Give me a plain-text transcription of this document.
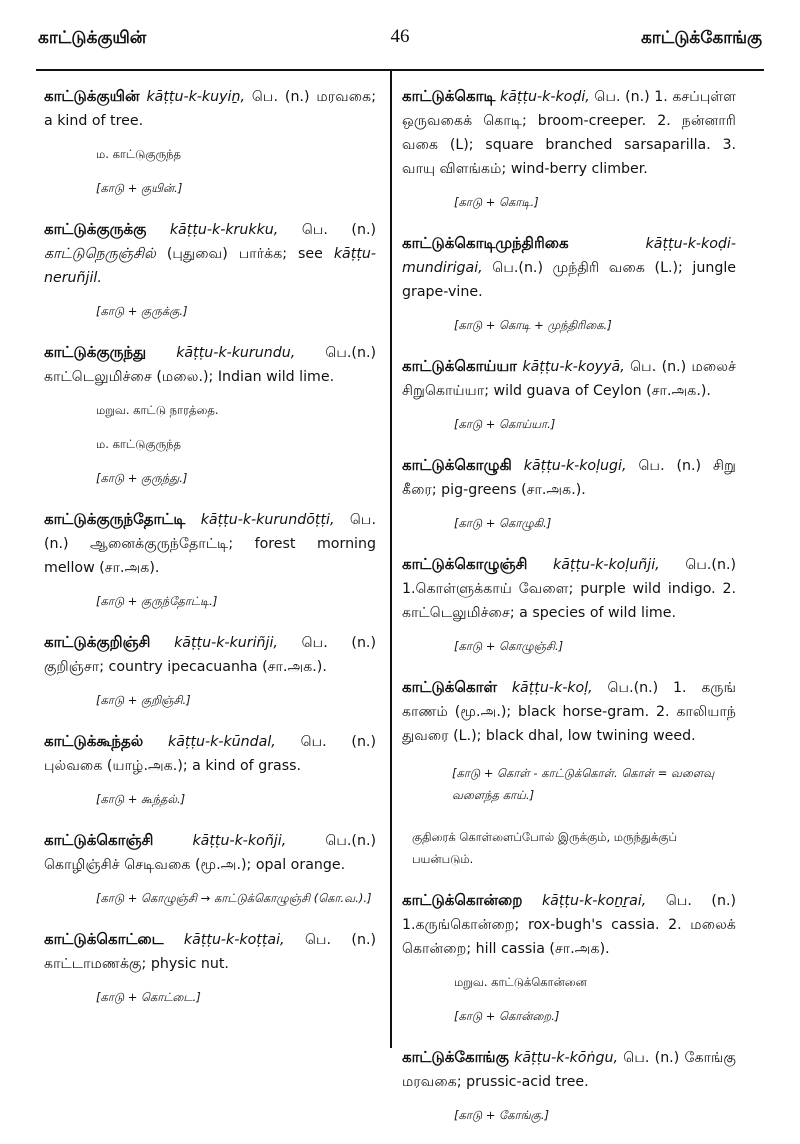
காட்டுக்குயின்	46	காட்டுக்கோங்கு
காட்டுக்குயின் kāṭṭu-k-kuyiṉ, பெ. (n.) மரவகை; a kind of tree.
ம. காட்டுகுருந்த
[காடு + குயின்.]
காட்டுக்குருக்கு kāṭṭu-k-krukku, பெ. (n.) காட்டுநெருஞ்சில் (புதுவை) பார்க்க; see kāṭṭu-neruñjil.
[காடு + குருக்கு.]
காட்டுக்குருந்து kāṭṭu-k-kurundu, பெ.(n.) காட்டெலுமிச்சை (மலை.); Indian wild lime.
மறுவ. காட்டு நாரத்தை.
ம. காட்டுகுருந்த
[காடு + குருந்து.]
காட்டுக்குருந்தோட்டி kāṭṭu-k-kurundōṭṭi, பெ.(n.) ஆனைக்குருந்தோட்டி; forest morning mellow (சா.அக).
[காடு + குருந்தோட்டி.]
காட்டுக்குறிஞ்சி kāṭṭu-k-kuriñji, பெ. (n.) குறிஞ்சா; country ipecacuanha (சா.அக.).
[காடு + குறிஞ்சி.]
காட்டுக்கூந்தல் kāṭṭu-k-kūndal, பெ. (n.) புல்வகை (யாழ்.அக.); a kind of grass.
[காடு + கூந்தல்.]
காட்டுக்கொஞ்சி	kāṭṭu-k-koñji,	பெ.(n.) கொழிஞ்சிச் செடிவகை (மூ.அ.); opal orange.
[காடு + கொழுஞ்சி → காட்டுக்கொழுஞ்சி (கொ.வ.).]
காட்டுக்கொட்டை kāṭṭu-k-koṭṭai, பெ. (n.) காட்டாமணக்கு; physic nut.
[காடு + கொட்டை.]
காட்டுக்கொடி kāṭṭu-k-koḍi, பெ. (n.) 1. கசப்புள்ள ஒருவகைக் கொடி; broom-creeper. 2. நன்னாரி வகை (L); square branched sarsaparilla. 3. வாயு விளங்கம்; wind-berry climber.
[காடு + கொடி.]
காட்டுக்கொடிமுந்திரிகை	kāṭṭu-k-koḍi-mundirigai, பெ.(n.) முந்திரி வகை (L.); jungle grape-vine.
[காடு + கொடி + முந்திரிகை.]
காட்டுக்கொய்யா kāṭṭu-k-koyyā, பெ. (n.) மலைச் சிறுகொய்யா; wild guava of Ceylon (சா.அக.).
[காடு + கொய்யா.]
காட்டுக்கொழுகி kāṭṭu-k-koḷugi, பெ. (n.) சிறு கீரை; pig-greens (சா.அக.).
[காடு + கொழுகி.]
காட்டுக்கொழுஞ்சி kāṭṭu-k-koḷuñji, பெ.(n.) 1.கொள்ளுக்காய் வேளை; purple wild indigo. 2. காட்டெலுமிச்சை; a species of wild lime.
[காடு + கொழுஞ்சி.]
காட்டுக்கொள் kāṭṭu-k-koḷ, பெ.(n.) 1. கருங் காணம் (மூ.அ.); black horse-gram. 2. காலியாந் துவரை (L.); black dhal, low twining weed.
[காடு + கொள் - காட்டுக்கொள். கொள் = வளைவு வளைந்த காய்.]
குதிரைக் கொள்ளைப்போல் இருக்கும், மருந்துக்குப் பயன்படும்.
காட்டுக்கொன்றை kāṭṭu-k-koṉṟai, பெ. (n.) 1.கருங்கொன்றை; rox-bugh's cassia. 2. மலைக் கொன்றை; hill cassia (சா.அக).
மறுவ. காட்டுக்கொன்னை
[காடு + கொன்றை.]
காட்டுக்கோங்கு kāṭṭu-k-kōṅgu, பெ. (n.) கோங்கு மரவகை; prussic-acid tree.
[காடு + கோங்கு.]
